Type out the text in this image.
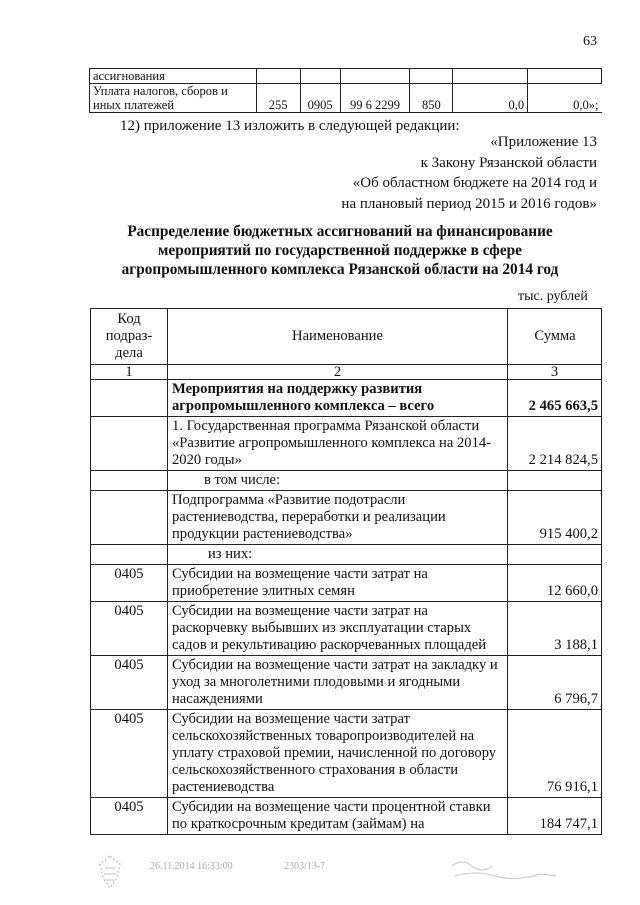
63
ассигнования						
Уплата налогов, сборов и
иных платежей	255	0905	99 6 2299	850	0,0	0,0»;
12) приложение 13 изложить в следующей редакции:
«Приложение 13
к Закону Рязанской области
«Об областном бюджете на 2014 год и
на плановый период 2015 и 2016 годов»
Распределение бюджетных ассигнований на финансирование
мероприятий по государственной поддержке в сфере
агропромышленного комплекса Рязанской области на 2014 год
тыс. рублей
Код подраз-дела	Наименование	Сумма
1	2	3
	Мероприятия на поддержку развития агропромышленного комплекса – всего	2 465 663,5
	1. Государственная программа Рязанской области «Развитие агропромышленного комплекса на 2014-2020 годы»	2 214 824,5
	в том числе:	
	Подпрограмма «Развитие подотрасли растениеводства, переработки и реализации продукции растениеводства»	915 400,2
	из них:	
0405	Субсидии на возмещение части затрат на приобретение элитных семян	12 660,0
0405	Субсидии на возмещение части затрат на раскорчевку выбывших из эксплуатации старых садов и рекультивацию раскорчеванных площадей	3 188,1
0405	Субсидии на возмещение части затрат на закладку и уход за многолетними плодовыми и ягодными насаждениями	6 796,7
0405	Субсидии на возмещение части затрат сельскохозяйственных товаропроизводителей на уплату страховой премии, начисленной по договору сельскохозяйственного страхования в области растениеводства	76 916,1
0405	Субсидии на возмещение части процентной ставки по краткосрочным кредитам (займам) на	184 747,1
26.11.2014 16:33:00	2303/13-7
